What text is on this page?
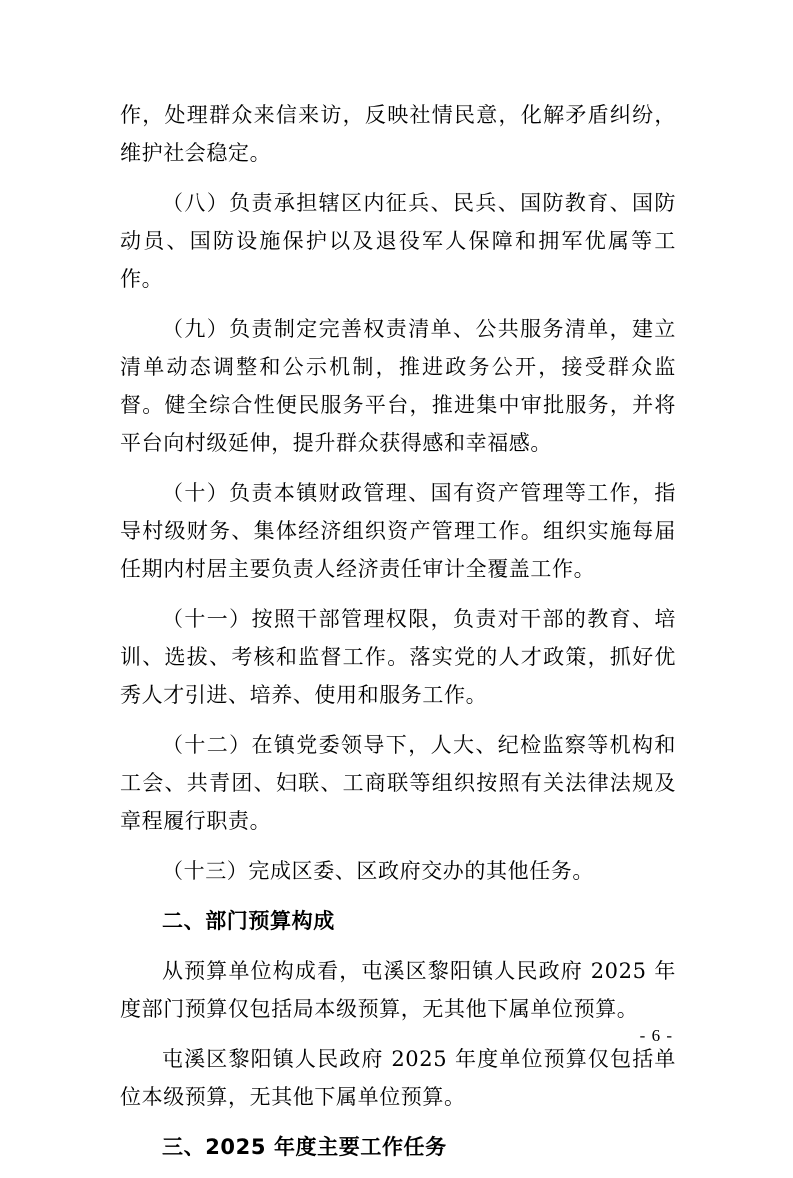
作，处理群众来信来访，反映社情民意，化解矛盾纠纷，维护社会稳定。

（八）负责承担辖区内征兵、民兵、国防教育、国防动员、国防设施保护以及退役军人保障和拥军优属等工作。

（九）负责制定完善权责清单、公共服务清单，建立清单动态调整和公示机制，推进政务公开，接受群众监督。健全综合性便民服务平台，推进集中审批服务，并将平台向村级延伸，提升群众获得感和幸福感。

（十）负责本镇财政管理、国有资产管理等工作，指导村级财务、集体经济组织资产管理工作。组织实施每届任期内村居主要负责人经济责任审计全覆盖工作。

（十一）按照干部管理权限，负责对干部的教育、培训、选拔、考核和监督工作。落实党的人才政策，抓好优秀人才引进、培养、使用和服务工作。

（十二）在镇党委领导下，人大、纪检监察等机构和工会、共青团、妇联、工商联等组织按照有关法律法规及章程履行职责。

（十三）完成区委、区政府交办的其他任务。

二、部门预算构成

从预算单位构成看，屯溪区黎阳镇人民政府 2025 年度部门预算仅包括局本级预算，无其他下属单位预算。

屯溪区黎阳镇人民政府 2025 年度单位预算仅包括单位本级预算，无其他下属单位预算。

三、2025 年度主要工作任务
- 6 -
